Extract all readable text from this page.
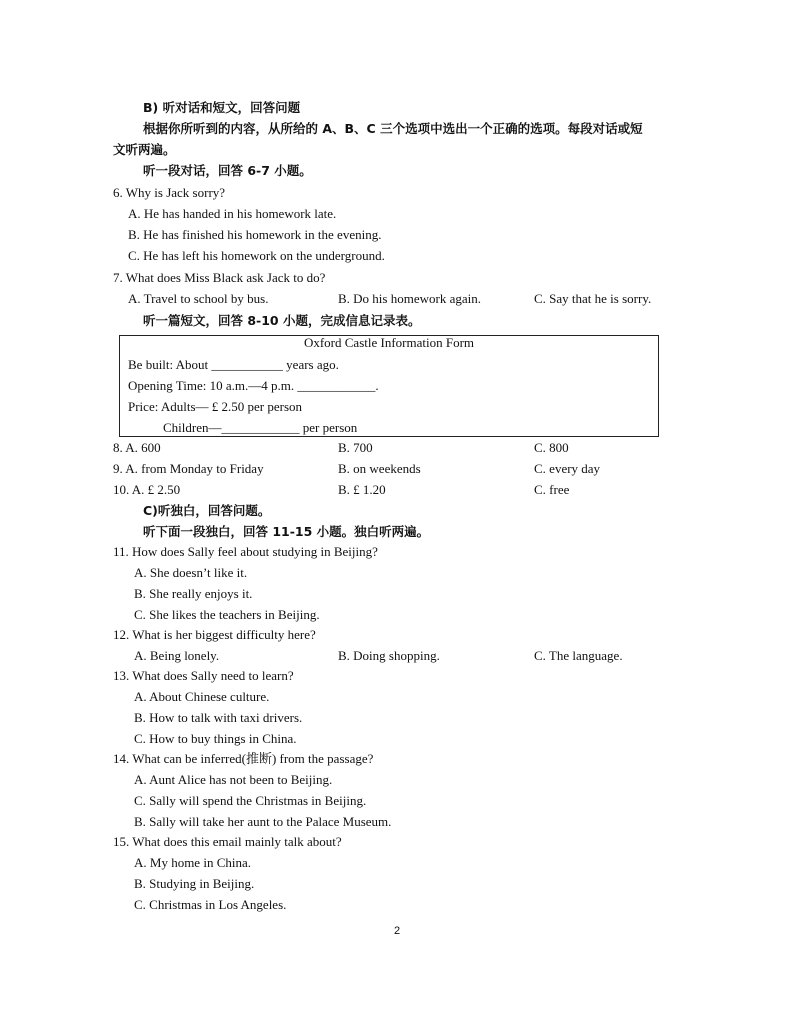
B) 听对话和短文，回答问题
根据你所听到的内容，从所给的 A、B、C 三个选项中选出一个正确的选项。每段对话或短
文听两遍。
听一段对话，回答 6-7 小题。
6. Why is Jack sorry?
A. He has handed in his homework late.
B. He has finished his homework in the evening.
C. He has left his homework on the underground.
7. What does Miss Black ask Jack to do?
A. Travel to school by bus.	B. Do his homework again.	C. Say that he is sorry.
听一篇短文，回答 8-10 小题，完成信息记录表。
Oxford Castle Information Form
Be built: About ___________ years ago.
Opening Time: 10 a.m.—4 p.m. ____________.
Price: Adults— £ 2.50 per person
Children—____________ per person
8. A. 600	B. 700	C. 800
9. A. from Monday to Friday	B. on weekends	C. every day
10. A. £ 2.50	B. £ 1.20	C. free
C)听独白，回答问题。
听下面一段独白，回答 11-15 小题。独白听两遍。
11. How does Sally feel about studying in Beijing?
A. She doesn’t like it.
B. She really enjoys it.
C. She likes the teachers in Beijing.
12. What is her biggest difficulty here?
A. Being lonely.	B. Doing shopping.	C. The language.
13. What does Sally need to learn?
A. About Chinese culture.
B. How to talk with taxi drivers.
C. How to buy things in China.
14. What can be inferred(推断) from the passage?
A. Aunt Alice has not been to Beijing.
C. Sally will spend the Christmas in Beijing.
B. Sally will take her aunt to the Palace Museum.
15. What does this email mainly talk about?
A. My home in China.
B. Studying in Beijing.
C. Christmas in Los Angeles.
2
